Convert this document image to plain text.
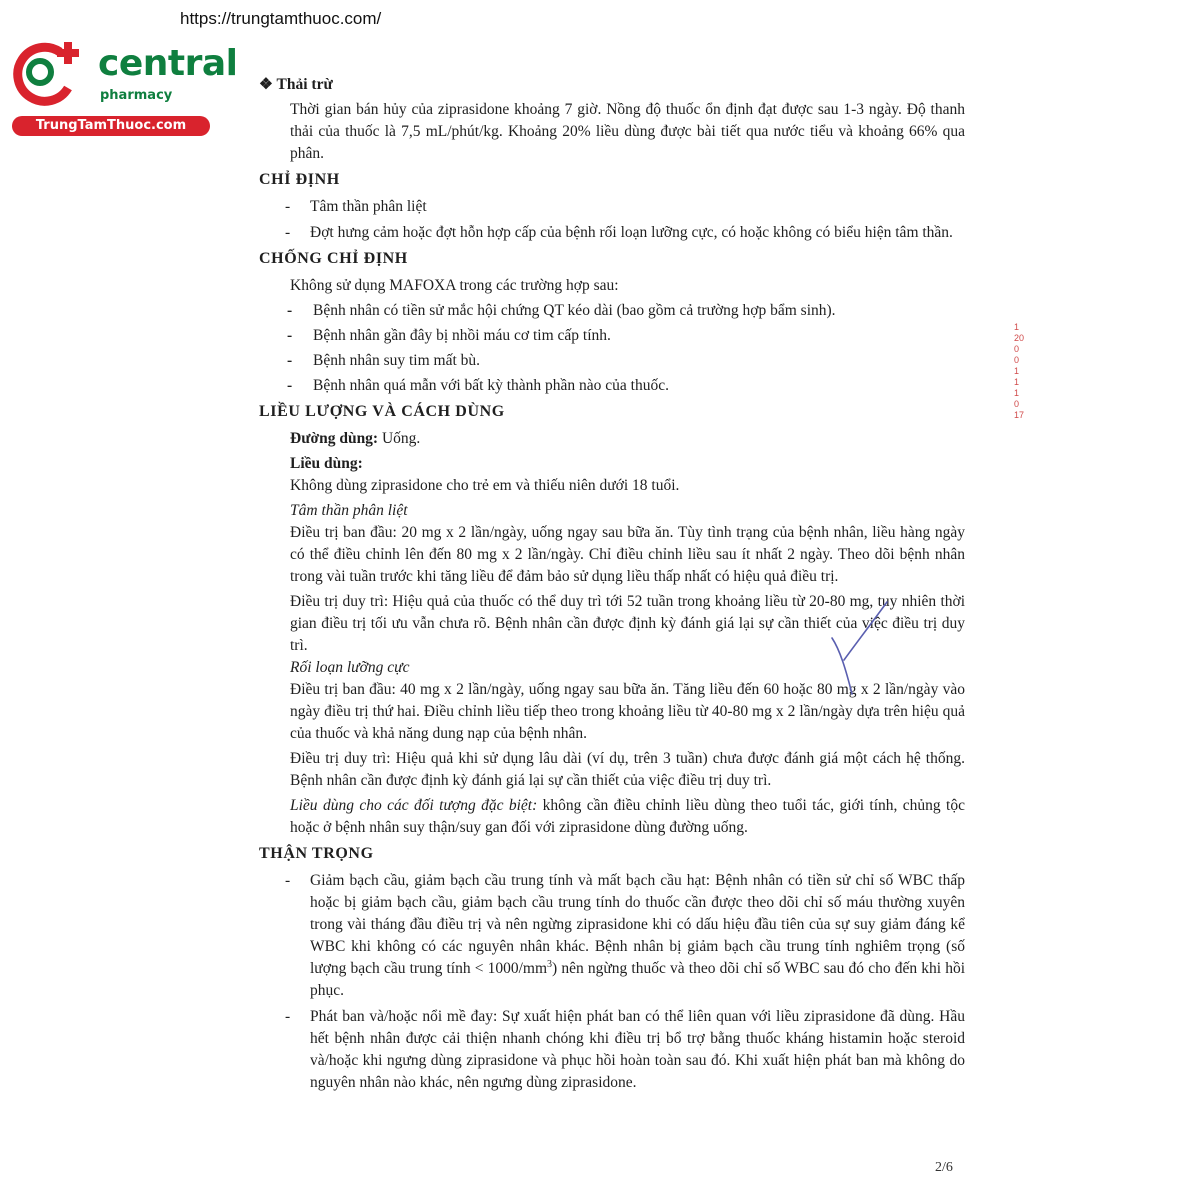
https://trungtamthuoc.com/
central
pharmacy
TrungTamThuoc.com
❖ Thải trừ

Thời gian bán hủy của ziprasidone khoảng 7 giờ. Nồng độ thuốc ổn định đạt được sau 1-3 ngày. Độ thanh thải của thuốc là 7,5 mL/phút/kg. Khoảng 20% liều dùng được bài tiết qua nước tiểu và khoảng 66% qua phân.

CHỈ ĐỊNH
- Tâm thần phân liệt
- Đợt hưng cảm hoặc đợt hỗn hợp cấp của bệnh rối loạn lưỡng cực, có hoặc không có biểu hiện tâm thần.
CHỐNG CHỈ ĐỊNH

Không sử dụng MAFOXA trong các trường hợp sau:

- Bệnh nhân có tiền sử mắc hội chứng QT kéo dài (bao gồm cả trường hợp bẩm sinh).
- Bệnh nhân gần đây bị nhồi máu cơ tim cấp tính.
- Bệnh nhân suy tim mất bù.
- Bệnh nhân quá mẫn với bất kỳ thành phần nào của thuốc.
LIỀU LƯỢNG VÀ CÁCH DÙNG

Đường dùng: Uống.

Liều dùng:

Không dùng ziprasidone cho trẻ em và thiếu niên dưới 18 tuổi.

Tâm thần phân liệt

Điều trị ban đầu: 20 mg x 2 lần/ngày, uống ngay sau bữa ăn. Tùy tình trạng của bệnh nhân, liều hàng ngày có thể điều chỉnh lên đến 80 mg x 2 lần/ngày. Chỉ điều chỉnh liều sau ít nhất 2 ngày. Theo dõi bệnh nhân trong vài tuần trước khi tăng liều để đảm bảo sử dụng liều thấp nhất có hiệu quả điều trị.

Điều trị duy trì: Hiệu quả của thuốc có thể duy trì tới 52 tuần trong khoảng liều từ 20-80 mg, tuy nhiên thời gian điều trị tối ưu vẫn chưa rõ. Bệnh nhân cần được định kỳ đánh giá lại sự cần thiết của việc điều trị duy trì.

Rối loạn lưỡng cực

Điều trị ban đầu: 40 mg x 2 lần/ngày, uống ngay sau bữa ăn. Tăng liều đến 60 hoặc 80 mg x 2 lần/ngày vào ngày điều trị thứ hai. Điều chỉnh liều tiếp theo trong khoảng liều từ 40-80 mg x 2 lần/ngày dựa trên hiệu quả của thuốc và khả năng dung nạp của bệnh nhân.

Điều trị duy trì: Hiệu quả khi sử dụng lâu dài (ví dụ, trên 3 tuần) chưa được đánh giá một cách hệ thống. Bệnh nhân cần được định kỳ đánh giá lại sự cần thiết của việc điều trị duy trì.

Liều dùng cho các đối tượng đặc biệt: không cần điều chỉnh liều dùng theo tuổi tác, giới tính, chủng tộc hoặc ở bệnh nhân suy thận/suy gan đối với ziprasidone dùng đường uống.

THẬN TRỌNG
- Giảm bạch cầu, giảm bạch cầu trung tính và mất bạch cầu hạt: Bệnh nhân có tiền sử chỉ số WBC thấp hoặc bị giảm bạch cầu, giảm bạch cầu trung tính do thuốc cần được theo dõi chỉ số máu thường xuyên trong vài tháng đầu điều trị và nên ngừng ziprasidone khi có dấu hiệu đầu tiên của sự suy giảm đáng kể WBC khi không có các nguyên nhân khác. Bệnh nhân bị giảm bạch cầu trung tính nghiêm trọng (số lượng bạch cầu trung tính < $1000/mm^3$) nên ngừng thuốc và theo dõi chỉ số WBC sau đó cho đến khi hồi phục.
- Phát ban và/hoặc nổi mề đay: Sự xuất hiện phát ban có thể liên quan với liều ziprasidone đã dùng. Hầu hết bệnh nhân được cải thiện nhanh chóng khi điều trị bổ trợ bằng thuốc kháng histamin hoặc steroid và/hoặc khi ngưng dùng ziprasidone và phục hồi hoàn toàn sau đó. Khi xuất hiện phát ban mà không do nguyên nhân nào khác, nên ngưng dùng ziprasidone.
1 20 0 0 1 1 1 0 17
2/6
